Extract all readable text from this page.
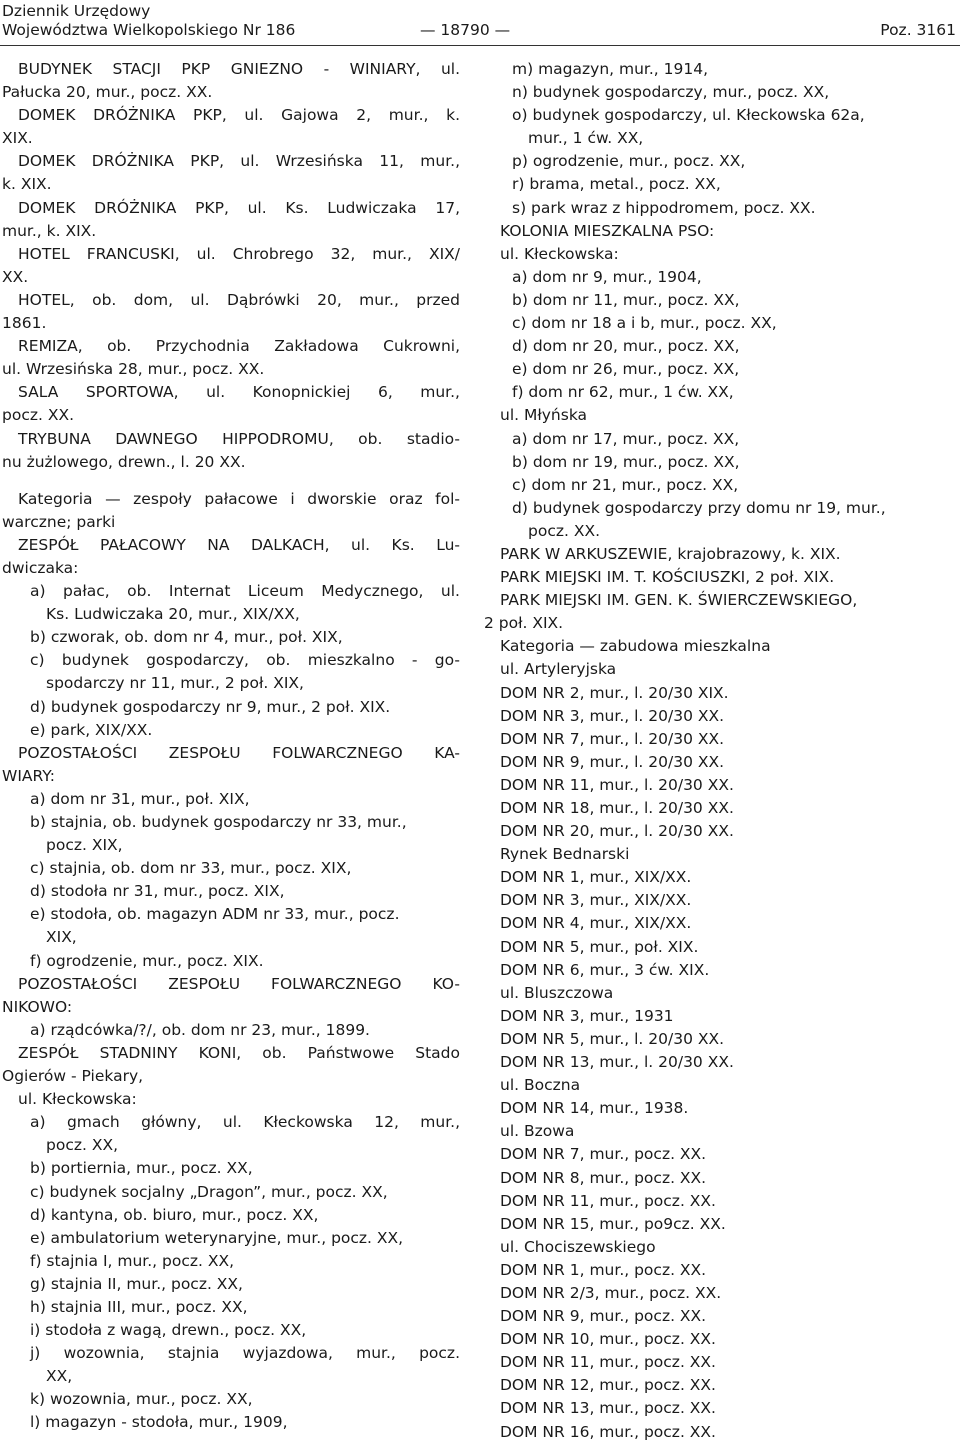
Dziennik Urzędowy
Województwa Wielkopolskiego Nr 186	— 18790 —	Poz. 3161
BUDYNEK STACJI PKP GNIEZNO - WINIARY, ul.
Pałucka 20, mur., pocz. XX.
DOMEK DRÓŻNIKA PKP, ul. Gajowa 2, mur., k.
XIX.
DOMEK DRÓŻNIKA PKP, ul. Wrzesińska 11, mur.,
k. XIX.
DOMEK DRÓŻNIKA PKP, ul. Ks. Ludwiczaka 17,
mur., k. XIX.
HOTEL FRANCUSKI, ul. Chrobrego 32, mur., XIX/
XX.
HOTEL, ob. dom, ul. Dąbrówki 20, mur., przed
1861.
REMIZA, ob. Przychodnia Zakładowa Cukrowni,
ul. Wrzesińska 28, mur., pocz. XX.
SALA SPORTOWA, ul. Konopnickiej 6, mur.,
pocz. XX.
TRYBUNA DAWNEGO HIPPODROMU, ob. stadio-
nu żużlowego, drewn., l. 20 XX.
Kategoria — zespoły pałacowe i dworskie oraz fol-
warczne; parki
ZESPÓŁ PAŁACOWY NA DALKACH, ul. Ks. Lu-
dwiczaka:
a) pałac, ob. Internat Liceum Medycznego, ul.
Ks. Ludwiczaka 20, mur., XIX/XX,
b) czworak, ob. dom nr 4, mur., poł. XIX,
c) budynek gospodarczy, ob. mieszkalno - go-
spodarczy nr 11, mur., 2 poł. XIX,
d) budynek gospodarczy nr 9, mur., 2 poł. XIX.
e) park, XIX/XX.
POZOSTAŁOŚCI ZESPOŁU FOLWARCZNEGO KA-
WIARY:
a) dom nr 31, mur., poł. XIX,
b) stajnia, ob. budynek gospodarczy nr 33, mur.,
pocz. XIX,
c) stajnia, ob. dom nr 33, mur., pocz. XIX,
d) stodoła nr 31, mur., pocz. XIX,
e) stodoła, ob. magazyn ADM nr 33, mur., pocz.
XIX,
f) ogrodzenie, mur., pocz. XIX.
POZOSTAŁOŚCI ZESPOŁU FOLWARCZNEGO KO-
NIKOWO:
a) rządcówka/?/, ob. dom nr 23, mur., 1899.
ZESPÓŁ STADNINY KONI, ob. Państwowe Stado
Ogierów - Piekary,
ul. Kłeckowska:
a) gmach główny, ul. Kłeckowska 12, mur.,
pocz. XX,
b) portiernia, mur., pocz. XX,
c) budynek socjalny „Dragon”, mur., pocz. XX,
d) kantyna, ob. biuro, mur., pocz. XX,
e) ambulatorium weterynaryjne, mur., pocz. XX,
f) stajnia I, mur., pocz. XX,
g) stajnia II, mur., pocz. XX,
h) stajnia III, mur., pocz. XX,
i) stodoła z wagą, drewn., pocz. XX,
j) wozownia, stajnia wyjazdowa, mur., pocz.
XX,
k) wozownia, mur., pocz. XX,
l) magazyn - stodoła, mur., 1909,
m) magazyn, mur., 1914,
n) budynek gospodarczy, mur., pocz. XX,
o) budynek gospodarczy, ul. Kłeckowska 62a,
mur., 1 ćw. XX,
p) ogrodzenie, mur., pocz. XX,
r) brama, metal., pocz. XX,
s) park wraz z hippodromem, pocz. XX.
KOLONIA MIESZKALNA PSO:
ul. Kłeckowska:
a) dom nr 9, mur., 1904,
b) dom nr 11, mur., pocz. XX,
c) dom nr 18 a i b, mur., pocz. XX,
d) dom nr 20, mur., pocz. XX,
e) dom nr 26, mur., pocz. XX,
f) dom nr 62, mur., 1 ćw. XX,
ul. Młyńska
a) dom nr 17, mur., pocz. XX,
b) dom nr 19, mur., pocz. XX,
c) dom nr 21, mur., pocz. XX,
d) budynek gospodarczy przy domu nr 19, mur.,
pocz. XX.
PARK W ARKUSZEWIE, krajobrazowy, k. XIX.
PARK MIEJSKI IM. T. KOŚCIUSZKI, 2 poł. XIX.
PARK MIEJSKI IM. GEN. K. ŚWIERCZEWSKIEGO,
2 poł. XIX.
Kategoria — zabudowa mieszkalna
ul. Artyleryjska
DOM NR 2, mur., l. 20/30 XIX.
DOM NR 3, mur., l. 20/30 XX.
DOM NR 7, mur., l. 20/30 XX.
DOM NR 9, mur., l. 20/30 XX.
DOM NR 11, mur., l. 20/30 XX.
DOM NR 18, mur., l. 20/30 XX.
DOM NR 20, mur., l. 20/30 XX.
Rynek Bednarski
DOM NR 1, mur., XIX/XX.
DOM NR 3, mur., XIX/XX.
DOM NR 4, mur., XIX/XX.
DOM NR 5, mur., poł. XIX.
DOM NR 6, mur., 3 ćw. XIX.
ul. Bluszczowa
DOM NR 3, mur., 1931
DOM NR 5, mur., l. 20/30 XX.
DOM NR 13, mur., l. 20/30 XX.
ul. Boczna
DOM NR 14, mur., 1938.
ul. Bzowa
DOM NR 7, mur., pocz. XX.
DOM NR 8, mur., pocz. XX.
DOM NR 11, mur., pocz. XX.
DOM NR 15, mur., po9cz. XX.
ul. Chociszewskiego
DOM NR 1, mur., pocz. XX.
DOM NR 2/3, mur., pocz. XX.
DOM NR 9, mur., pocz. XX.
DOM NR 10, mur., pocz. XX.
DOM NR 11, mur., pocz. XX.
DOM NR 12, mur., pocz. XX.
DOM NR 13, mur., pocz. XX.
DOM NR 16, mur., pocz. XX.
